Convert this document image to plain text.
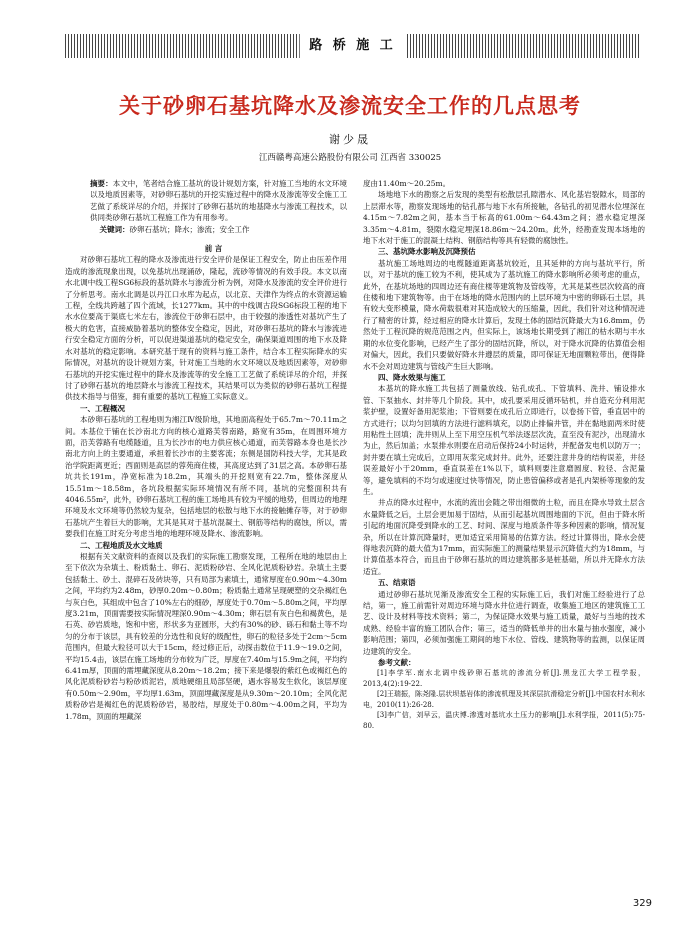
路 桥 施 工
关于砂卵石基坑降水及渗流安全工作的几点思考
谢少晟
江西赣粤高速公路股份有限公司 江西省 330025

摘要：本文中，笔者结合施工基坑的设计规划方案，针对施工当地的水文环境以及地质因素等，对砂卵石基坑的开挖实施过程中的降水及渗流等安全施工工艺做了系统详尽的介绍，并探讨了砂卵石基坑的地基降水与渗流工程技术，以供同类砂卵石基坑工程施工作为有用参考。

关键词：砂卵石基坑；降水；渗流；安全工作

前 言

对砂卵石基坑工程的降水及渗流进行安全评价是保证工程安全，防止由压差作用造成的渗流现象出现，以免基坑出现涌砂，隆起，流砂等情况的有效手段。本文以南水北调中线工程SG6标段的基坑降水与渗流分析为例，对降水及渗流的安全评价进行了分析思考。南水北调是以丹江口水库为起点，以北京、天津作为终点的水资源运输工程，全线共跨越了四个流域，长1277km。其中的中线调古段SG6标段工程的地下水水位要高于渠底七米左右，渗流位于砂卵石层中，由于较强的渗透性对基坑产生了极大的危害，直接威胁着基坑的整体安全稳定，因此，对砂卵石基坑的降水与渗流进行安全稳定方面的分析，可以促进渠道基坑的稳定安全，确保渠道周围的地下水及降水对基坑的稳定影响。本研究基于现有的资料与施工条件，结合本工程实际降水的实际情况，对基坑的设计规划方案，针对施工当地的水文环境以及地质因素等，对砂卵石基坑的开挖实施过程中的降水及渗流等的安全施工工艺做了系统详尽的介绍，并探讨了砂卵石基坑的地层降水与渗流工程技术，其结果可以为类似的砂卵石基坑工程提供技术指导与借鉴，拥有重要的基坑工程施工实际意义。

一、工程概况

本砂卵石基坑的工程地则为湘江Ⅳ级阶地，其地面高程处于65.7m～70.11m之间。本基位于铺在长沙南北方向的核心道路芙蓉南路，路宽有35m，在周围环境方面，沿芙蓉路有电缆隧道，且为长沙市的电力供应核心通道，而芙蓉路本身也是长沙南北方向上的主要通道，承担着长沙市的主要客流；东侧是国防科技大学，尤其是政治学院距离更近；西面则是高层的蓉苑商住楼，其高度达到了31层之高。本砂卵石基坑共长191m，净宽标准为18.2m，其端头的开挖则宽有22.7m，整体深度从15.51m～18.58m，各坑段根据实际环境情况有所不同，基坑的完整面积共有4046.55m²，此外，砂卵石基坑工程的施工场地具有较为平缓的地势，但周边的地理环境及水文环境等仍然较为复杂，包括地层的松散与地下水的接触摊存等，对于砂卵石基坑产生着巨大的影响，尤其是其对于基坑混凝土、钢筋等结构的腐蚀，所以，需要我们在施工时充分考虑当地的地理环境及降水、渗流影响。

二、工程地质及水文地质

根据有关文献资料的查阅以及我们的实际施工勘察发现，工程所在地的地层由上至下依次为杂填土、粉质黏土、卵石、泥质粉砂岩、全风化泥质粉砂岩。杂填土主要包括黏土、砂土、混碎石及砖块等，只有局部为素填土，通常厚度在0.90m～4.30m之间，平均约为2.48m，砂厚0.20m～0.80m；粉质黏土通常呈现硬塑的交杂褐红色与灰白色，其组成中包含了10%左右的细砂，厚度处于0.70m～5.80m之间，平均厚度3.21m，顶面需要按实际情况埋深0.90m～4.30m；卵石层有灰白色和褐黄色，是石英、砂岩质地，饱和中密，形状多为亚圆形，大约有30%的砂、砾石和黏土等不均匀的分布于该层，具有较差的分选性和良好的级配性，卵石的粒径多处于2cm～5cm范围内，但最大粒径可以大于15cm，经过修正后，动探击数位于11.9～19.0之间，平均15.4击，该层在施工场地的分布较为广泛，厚度在7.40m与15.9m之间，平均约6.41m厚，顶面的需埋藏深度从8.20m～18.2m；接下来是爆裂的紫红色或褐红色的风化泥质粉砂岩与粉砂质泥岩，质地硬细且局部坚硬，遇水容易发生软化，该层厚度有0.50m～2.90m，平均厚1.63m，顶面埋藏深度是从9.30m～20.10m；全风化泥质粉砂岩是褐红色的泥质粉砂岩，易胶结，厚度处于0.80m～4.00m之间，平均为1.78m，顶面的埋藏深

度由11.40m～20.25m。

场地地下水的勘察之后发现的类型有松散层孔隙潜水、风化基岩裂隙水，局部的上层滞水等，勘察发现场地的钻孔都与地下水有所接触，各钻孔的初见潜水位埋深在4.15m～7.82m之间，基本当于标高的61.00m～64.43m之间；潜水稳定埋深3.35m～4.81m，裂隙水稳定埋深18.86m～24.20m。此外，经勘查发现本场地的地下水对于施工的混凝土结构、钢筋结构等具有轻微的腐蚀性。

三、基坑降水影响及沉降预估

基坑施工场地周边的电缆隧道距离基坑较近，且其延伸的方向与基坑平行，所以，对于基坑的施工较为不利，使其成为了基坑施工的降水影响所必须考虑的重点，此外，在基坑场地的四周边还有商住楼等建筑物及管线等，尤其是某些层次较高的商住楼和地下建筑物等。由于在场地的降水范围内的上层环境为中密的卵砾石土层，具有较大变形模量，降水荷载很难对其造成较大的压缩量，因此，我们针对这种情况进行了精密的计算，经过相应的降水计算后，发现土体的固结沉降最大为16.8mm，仍然处于工程沉降的规范范围之内，但实际上，该场地长期受到了湘江的枯水期与丰水期的水位变化影响，已经产生了部分的固结沉降，所以，对于降水沉降的估算值会相对偏大，因此，我们只要做好降水井遵层的质量，即可保证无地面颗粒带出，便得降水不会对周边建筑与管线产生巨大影响。

四、降水效果与施工

本基坑的降水施工共包括了测量放线、钻孔成孔、下管填料、洗井、铺设排水管、下泵抽水、封井等几个阶段。其中，成孔要采用反循环钻机，并自造充分利用泥浆护壁，设置好备用泥浆池；下管则要在成孔后立即进行，以卷扬下管，垂直居中的方式进行；以均匀回填的方法进行滤料填充，以防止排偏井管，并在黏地面两米时使用粘性土回填；洗井则从上至下用空压机气举法逐层次洗，直至没有泥沙，出现清水为止，然后加盖；水泵排水则要在启动后保持24小时运转，并配备发电机以防万一；封井要在填土完成后，立即用灰浆完成封井。此外，还要注意井身的结构误差，井径误差最好小于20mm，垂直误差在1%以下，填料则要注意磨圆度、粒径、含泥量等，避免填料的不均匀或速度过快等情况，防止患管偏移或者是孔内架桥等现象的发生。

井点的降水过程中，水流的流出会随之带出细微的土粒，而且在降水导致土层含水量降低之后，土层会更加易于固结，从而引起基坑周围地面的下沉，但由于降水所引起的地面沉降受到降水的工艺、时间、深度与地质条件等多种因素的影响，情况复杂，所以在计算沉降量时，更加适宜采用简易的估算方法。经过计算得出，降水会使得地表沉降的最大值为17mm，而实际施工的测量结果显示沉降值大约为18mm，与计算值基本符合，而且由于砂卵石基坑的周边建筑都多是桩基础，所以并无降水方法适宜。

五、结束语

通过砂卵石基坑见渐及渗流安全工程的实际施工后，我们对施工经验进行了总结，第一，施工前需针对周边环境与降水井位进行调查，收集施工地区的建筑施工工艺、设计及材料等技术资料；第二，为保证降水效果与施工质量，最好与当地的技术成熟、经验丰富的施工团队合作；第三，适当的降低单井的出水量与抽水强度，减小影响范围；第四，必须加强施工期间的地下水位、管线、建筑物等的监测，以保证周边建筑的安全。

参考文献：

[1]李学军.南水北调中线砂卵石基坑的渗流分析[J].黑龙江大学工程学报，2013,4(2):19-22.

[2]王瑞振，陈尧隆.层状坝基岩体的渗流机理及其深层抗滑稳定分析[J].中国农村水利水电，2010(11):26-28.

[3]李广信，刘早云，温庆博.渗透对基坑水土压力的影响[J].水利学报，2011(5):75-80.

329
